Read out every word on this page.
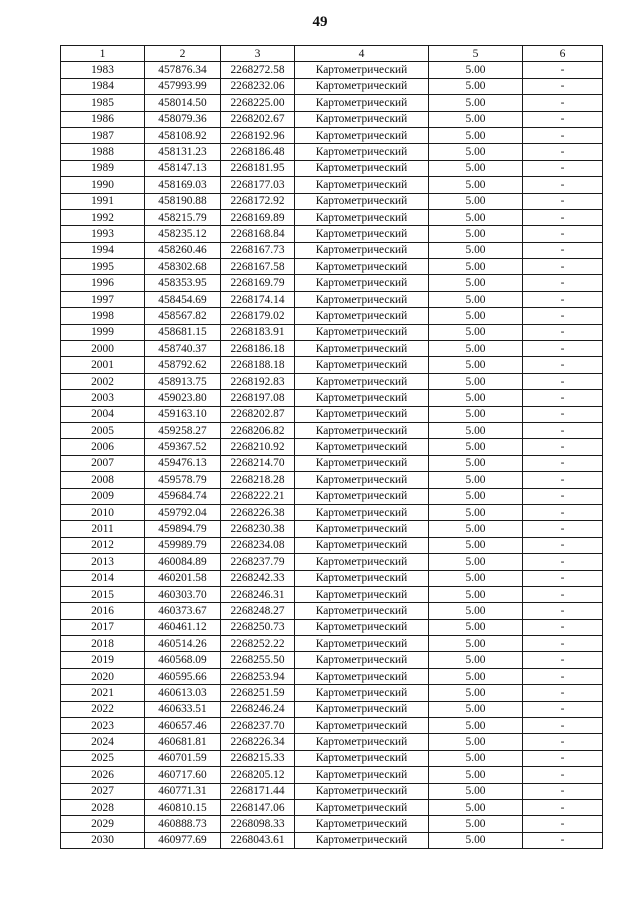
49
1	2	3	4	5	6
1983	457876.34	2268272.58	Картометрический	5.00	-
1984	457993.99	2268232.06	Картометрический	5.00	-
1985	458014.50	2268225.00	Картометрический	5.00	-
1986	458079.36	2268202.67	Картометрический	5.00	-
1987	458108.92	2268192.96	Картометрический	5.00	-
1988	458131.23	2268186.48	Картометрический	5.00	-
1989	458147.13	2268181.95	Картометрический	5.00	-
1990	458169.03	2268177.03	Картометрический	5.00	-
1991	458190.88	2268172.92	Картометрический	5.00	-
1992	458215.79	2268169.89	Картометрический	5.00	-
1993	458235.12	2268168.84	Картометрический	5.00	-
1994	458260.46	2268167.73	Картометрический	5.00	-
1995	458302.68	2268167.58	Картометрический	5.00	-
1996	458353.95	2268169.79	Картометрический	5.00	-
1997	458454.69	2268174.14	Картометрический	5.00	-
1998	458567.82	2268179.02	Картометрический	5.00	-
1999	458681.15	2268183.91	Картометрический	5.00	-
2000	458740.37	2268186.18	Картометрический	5.00	-
2001	458792.62	2268188.18	Картометрический	5.00	-
2002	458913.75	2268192.83	Картометрический	5.00	-
2003	459023.80	2268197.08	Картометрический	5.00	-
2004	459163.10	2268202.87	Картометрический	5.00	-
2005	459258.27	2268206.82	Картометрический	5.00	-
2006	459367.52	2268210.92	Картометрический	5.00	-
2007	459476.13	2268214.70	Картометрический	5.00	-
2008	459578.79	2268218.28	Картометрический	5.00	-
2009	459684.74	2268222.21	Картометрический	5.00	-
2010	459792.04	2268226.38	Картометрический	5.00	-
2011	459894.79	2268230.38	Картометрический	5.00	-
2012	459989.79	2268234.08	Картометрический	5.00	-
2013	460084.89	2268237.79	Картометрический	5.00	-
2014	460201.58	2268242.33	Картометрический	5.00	-
2015	460303.70	2268246.31	Картометрический	5.00	-
2016	460373.67	2268248.27	Картометрический	5.00	-
2017	460461.12	2268250.73	Картометрический	5.00	-
2018	460514.26	2268252.22	Картометрический	5.00	-
2019	460568.09	2268255.50	Картометрический	5.00	-
2020	460595.66	2268253.94	Картометрический	5.00	-
2021	460613.03	2268251.59	Картометрический	5.00	-
2022	460633.51	2268246.24	Картометрический	5.00	-
2023	460657.46	2268237.70	Картометрический	5.00	-
2024	460681.81	2268226.34	Картометрический	5.00	-
2025	460701.59	2268215.33	Картометрический	5.00	-
2026	460717.60	2268205.12	Картометрический	5.00	-
2027	460771.31	2268171.44	Картометрический	5.00	-
2028	460810.15	2268147.06	Картометрический	5.00	-
2029	460888.73	2268098.33	Картометрический	5.00	-
2030	460977.69	2268043.61	Картометрический	5.00	-
